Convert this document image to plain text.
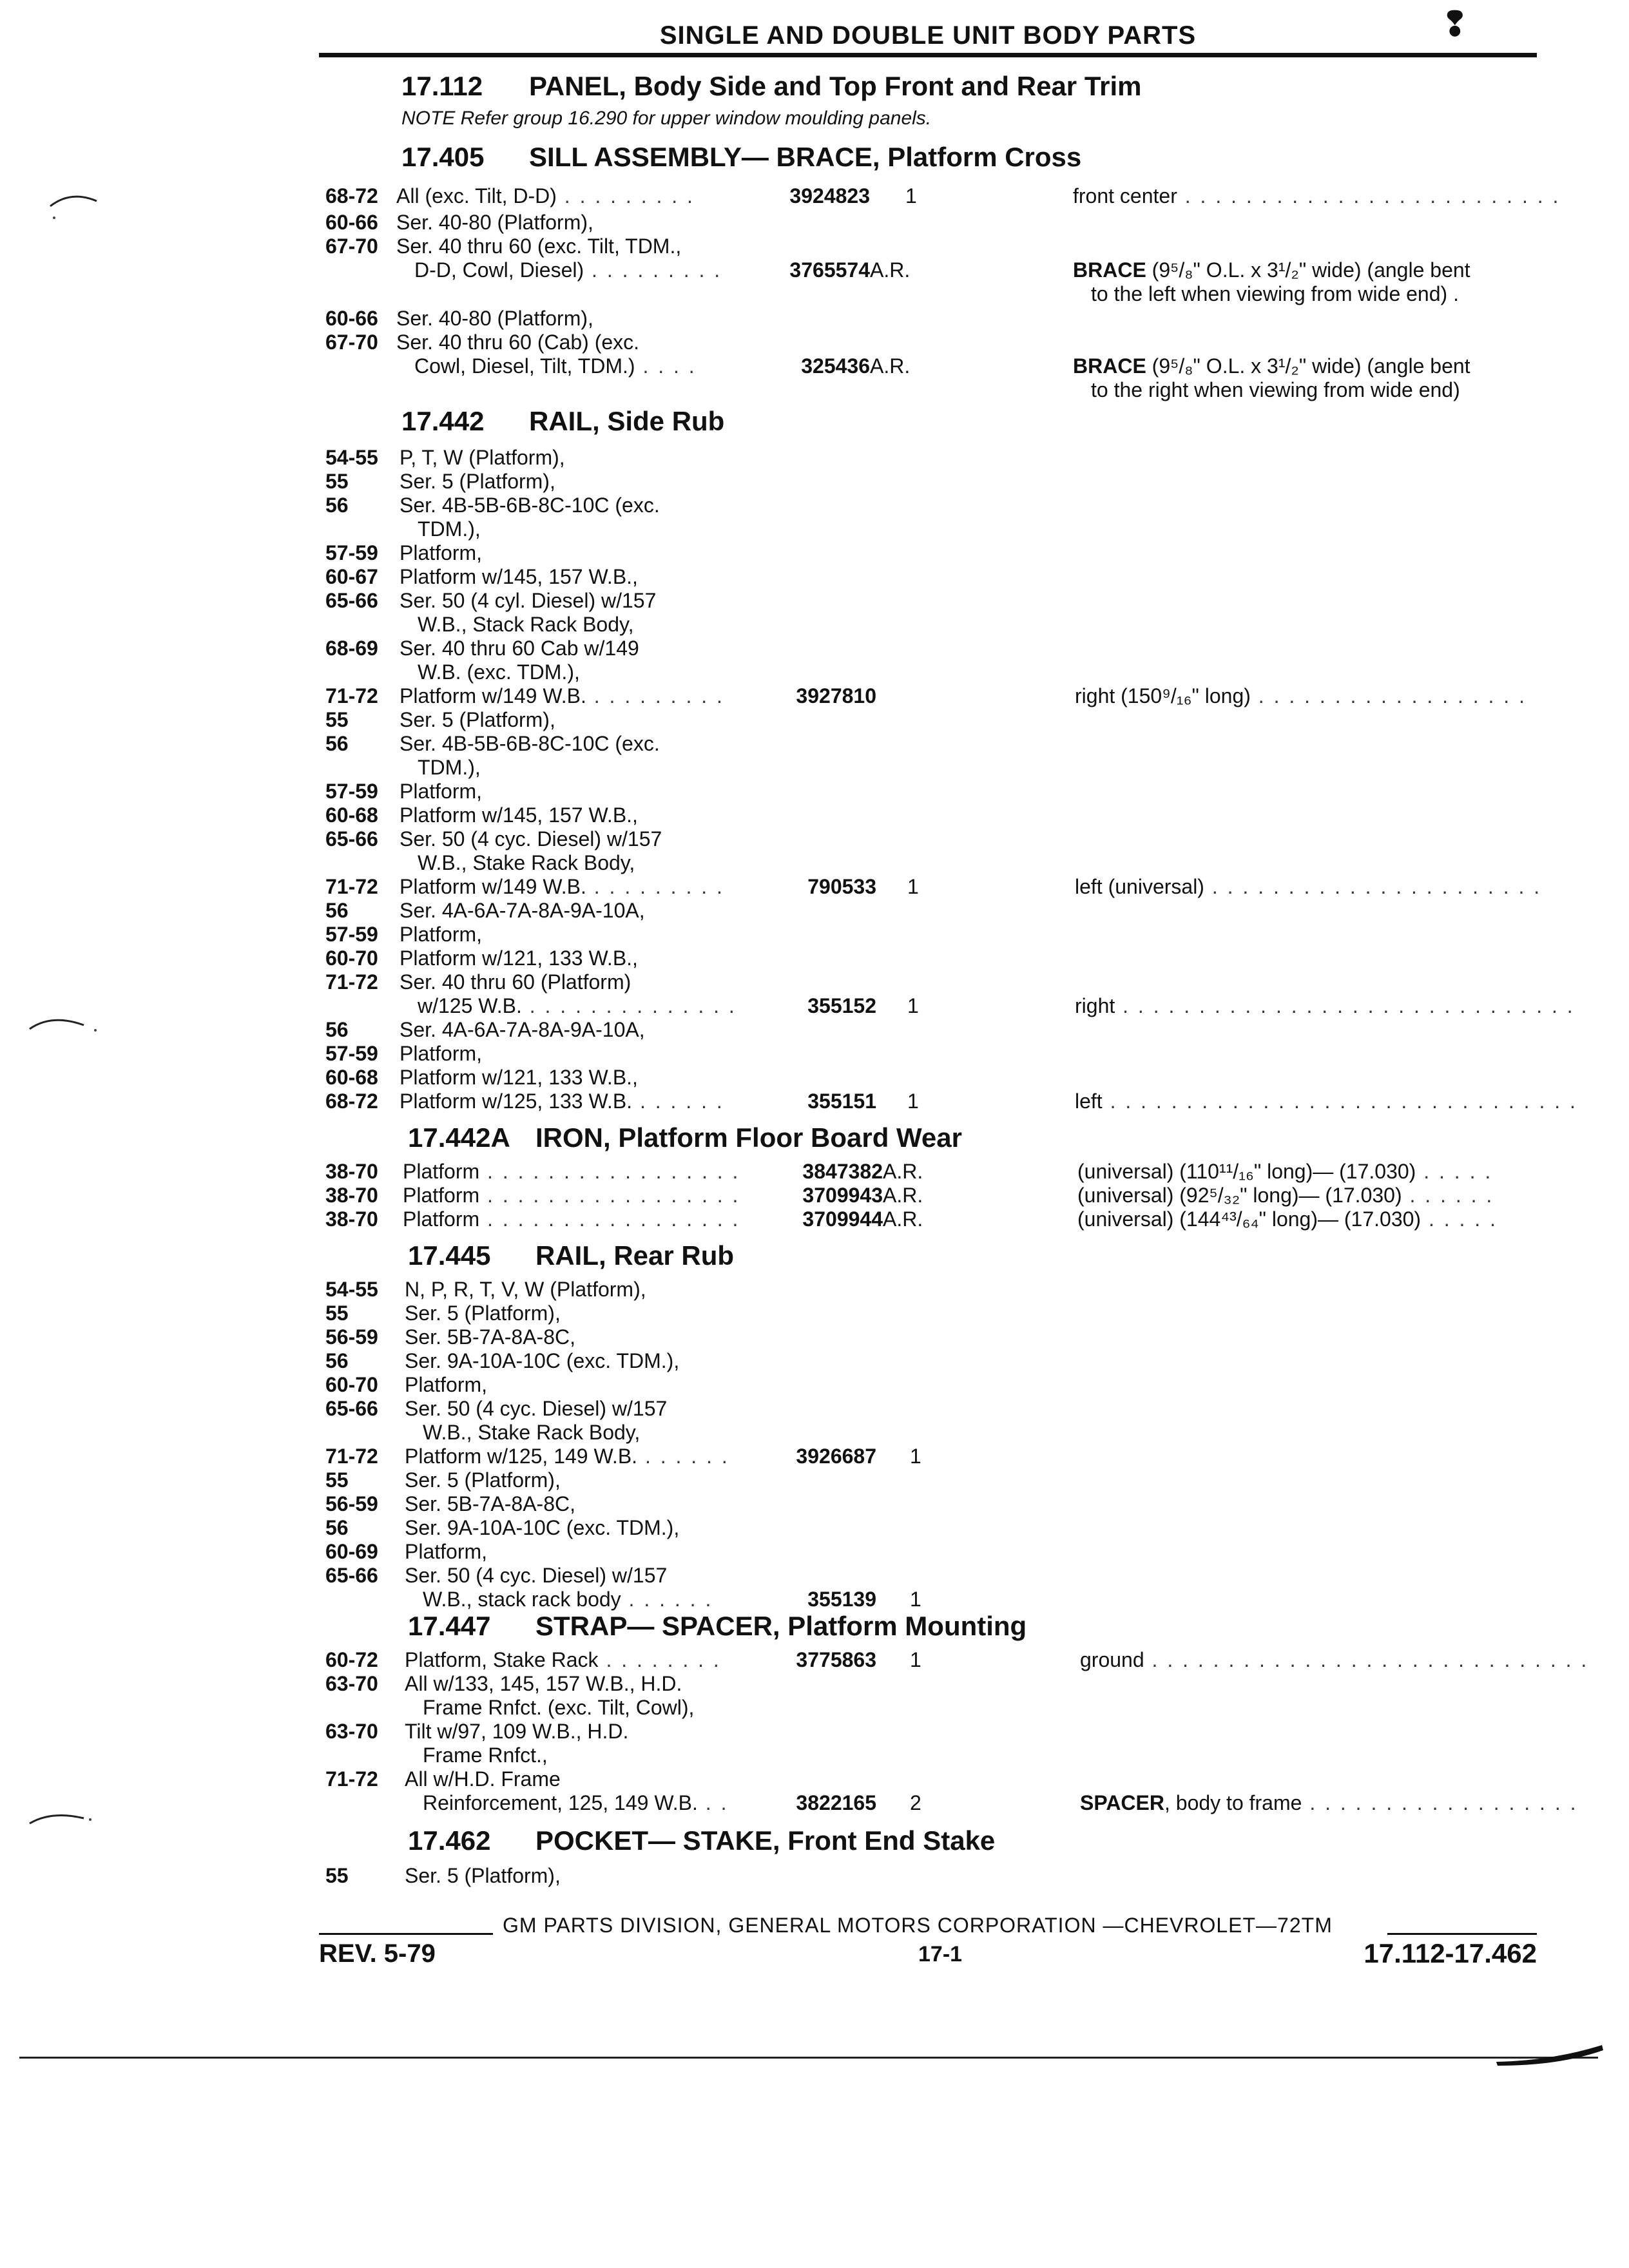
SINGLE AND DOUBLE UNIT BODY PARTS	❢
17.112 PANEL, Body Side and Top Front and Rear Trim
NOTE Refer group 16.290 for upper window moulding panels.
17.405 SILL ASSEMBLY— BRACE, Platform Cross
68-72 All (exc. Tilt, D-D) . . . . . . . . .	3924823 1	front center . . . . . . . . . . . . . . . . . . . . . . . . .
60-66 Ser. 40-80 (Platform),
67-70 Ser. 40 thru 60 (exc. Tilt, TDM.,
D-D, Cowl, Diesel) . . . . . . . . .	3765574 A.R.	BRACE (9⁵/₈" O.L. x 3¹/₂" wide) (angle bent
to the left when viewing from wide end) .
60-66 Ser. 40-80 (Platform),
67-70 Ser. 40 thru 60 (Cab) (exc.
Cowl, Diesel, Tilt, TDM.) . . . .	325436 A.R.	BRACE (9⁵/₈" O.L. x 3¹/₂" wide) (angle bent
to the right when viewing from wide end)
17.442 RAIL, Side Rub
54-55 P, T, W (Platform),
55 Ser. 5 (Platform),
56 Ser. 4B-5B-6B-8C-10C (exc.
TDM.),
57-59 Platform,
60-67 Platform w/145, 157 W.B.,
65-66 Ser. 50 (4 cyl. Diesel) w/157
W.B., Stack Rack Body,
68-69 Ser. 40 thru 60 Cab w/149
W.B. (exc. TDM.),
71-72 Platform w/149 W.B. . . . . . . . . .	3927810	right (150⁹/₁₆" long) . . . . . . . . . . . . . . . . . .
55 Ser. 5 (Platform),
56 Ser. 4B-5B-6B-8C-10C (exc.
TDM.),
57-59 Platform,
60-68 Platform w/145, 157 W.B.,
65-66 Ser. 50 (4 cyc. Diesel) w/157
W.B., Stake Rack Body,
71-72 Platform w/149 W.B. . . . . . . . . .	790533 1	left (universal) . . . . . . . . . . . . . . . . . . . . . .
56 Ser. 4A-6A-7A-8A-9A-10A,
57-59 Platform,
60-70 Platform w/121, 133 W.B.,
71-72 Ser. 40 thru 60 (Platform)
w/125 W.B. . . . . . . . . . . . . . .	355152 1	right . . . . . . . . . . . . . . . . . . . . . . . . . . . . . .
56 Ser. 4A-6A-7A-8A-9A-10A,
57-59 Platform,
60-68 Platform w/121, 133 W.B.,
68-72 Platform w/125, 133 W.B. . . . . . .	355151 1	left . . . . . . . . . . . . . . . . . . . . . . . . . . . . . . .
17.442A IRON, Platform Floor Board Wear
38-70 Platform . . . . . . . . . . . . . . . . .	3847382 A.R.	(universal) (110¹¹/₁₆" long)— (17.030) . . . . .
38-70 Platform . . . . . . . . . . . . . . . . .	3709943 A.R.	(universal) (92⁵/₃₂" long)— (17.030) . . . . . .
38-70 Platform . . . . . . . . . . . . . . . . .	3709944 A.R.	(universal) (144⁴³/₆₄" long)— (17.030) . . . . .
17.445 RAIL, Rear Rub
54-55 N, P, R, T, V, W (Platform),
55	Ser. 5 (Platform),
56-59 Ser. 5B-7A-8A-8C,
56	Ser. 9A-10A-10C (exc. TDM.),
60-70 Platform,
65-66 Ser. 50 (4 cyc. Diesel) w/157
W.B., Stake Rack Body,
71-72 Platform w/125, 149 W.B. . . . . . .	3926687 1
55	Ser. 5 (Platform),
56-59 Ser. 5B-7A-8A-8C,
56	Ser. 9A-10A-10C (exc. TDM.),
60-69 Platform,
65-66 Ser. 50 (4 cyc. Diesel) w/157
W.B., stack rack body . . . . . .	355139 1
17.447 STRAP— SPACER, Platform Mounting
60-72 Platform, Stake Rack . . . . . . . .	3775863 1	ground . . . . . . . . . . . . . . . . . . . . . . . . . . . . .
63-70 All w/133, 145, 157 W.B., H.D.
Frame Rnfct. (exc. Tilt, Cowl),
63-70 Tilt w/97, 109 W.B., H.D.
Frame Rnfct.,
71-72 All w/H.D. Frame
Reinforcement, 125, 149 W.B. . .	3822165 2	SPACER, body to frame . . . . . . . . . . . . . . . . . .
17.462 POCKET— STAKE, Front End Stake
55	Ser. 5 (Platform),
GM PARTS DIVISION, GENERAL MOTORS CORPORATION —CHEVROLET—72TM
REV. 5-79	17-1	17.112-17.462
